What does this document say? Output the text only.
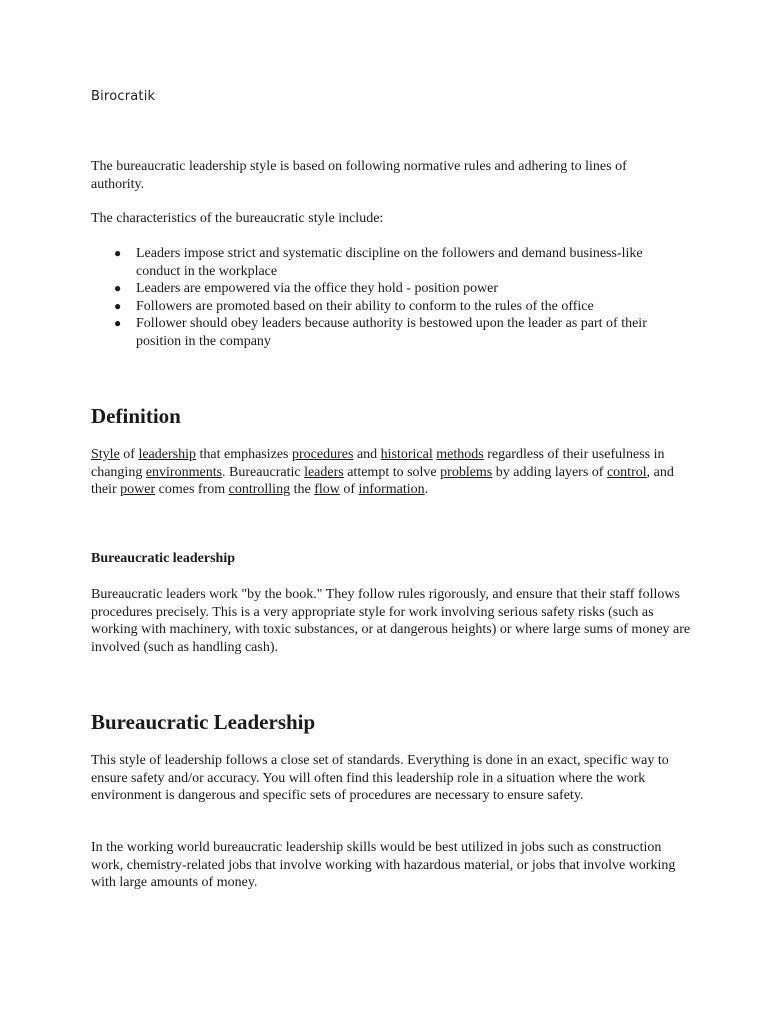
Birocratik

The bureaucratic leadership style is based on following normative rules and adhering to lines of authority.

The characteristics of the bureaucratic style include:

● Leaders impose strict and systematic discipline on the followers and demand business-like conduct in the workplace
● Leaders are empowered via the office they hold - position power
● Followers are promoted based on their ability to conform to the rules of the office
● Follower should obey leaders because authority is bestowed upon the leader as part of their position in the company
Definition

Style of leadership that emphasizes procedures and historical methods regardless of their usefulness in changing environments. Bureaucratic leaders attempt to solve problems by adding layers of control, and their power comes from controlling the flow of information.

Bureaucratic leadership

Bureaucratic leaders work "by the book." They follow rules rigorously, and ensure that their staff follows procedures precisely. This is a very appropriate style for work involving serious safety risks (such as working with machinery, with toxic substances, or at dangerous heights) or where large sums of money are involved (such as handling cash).

Bureaucratic Leadership

This style of leadership follows a close set of standards. Everything is done in an exact, specific way to ensure safety and/or accuracy. You will often find this leadership role in a situation where the work environment is dangerous and specific sets of procedures are necessary to ensure safety.

In the working world bureaucratic leadership skills would be best utilized in jobs such as construction work, chemistry-related jobs that involve working with hazardous material, or jobs that involve working with large amounts of money.
